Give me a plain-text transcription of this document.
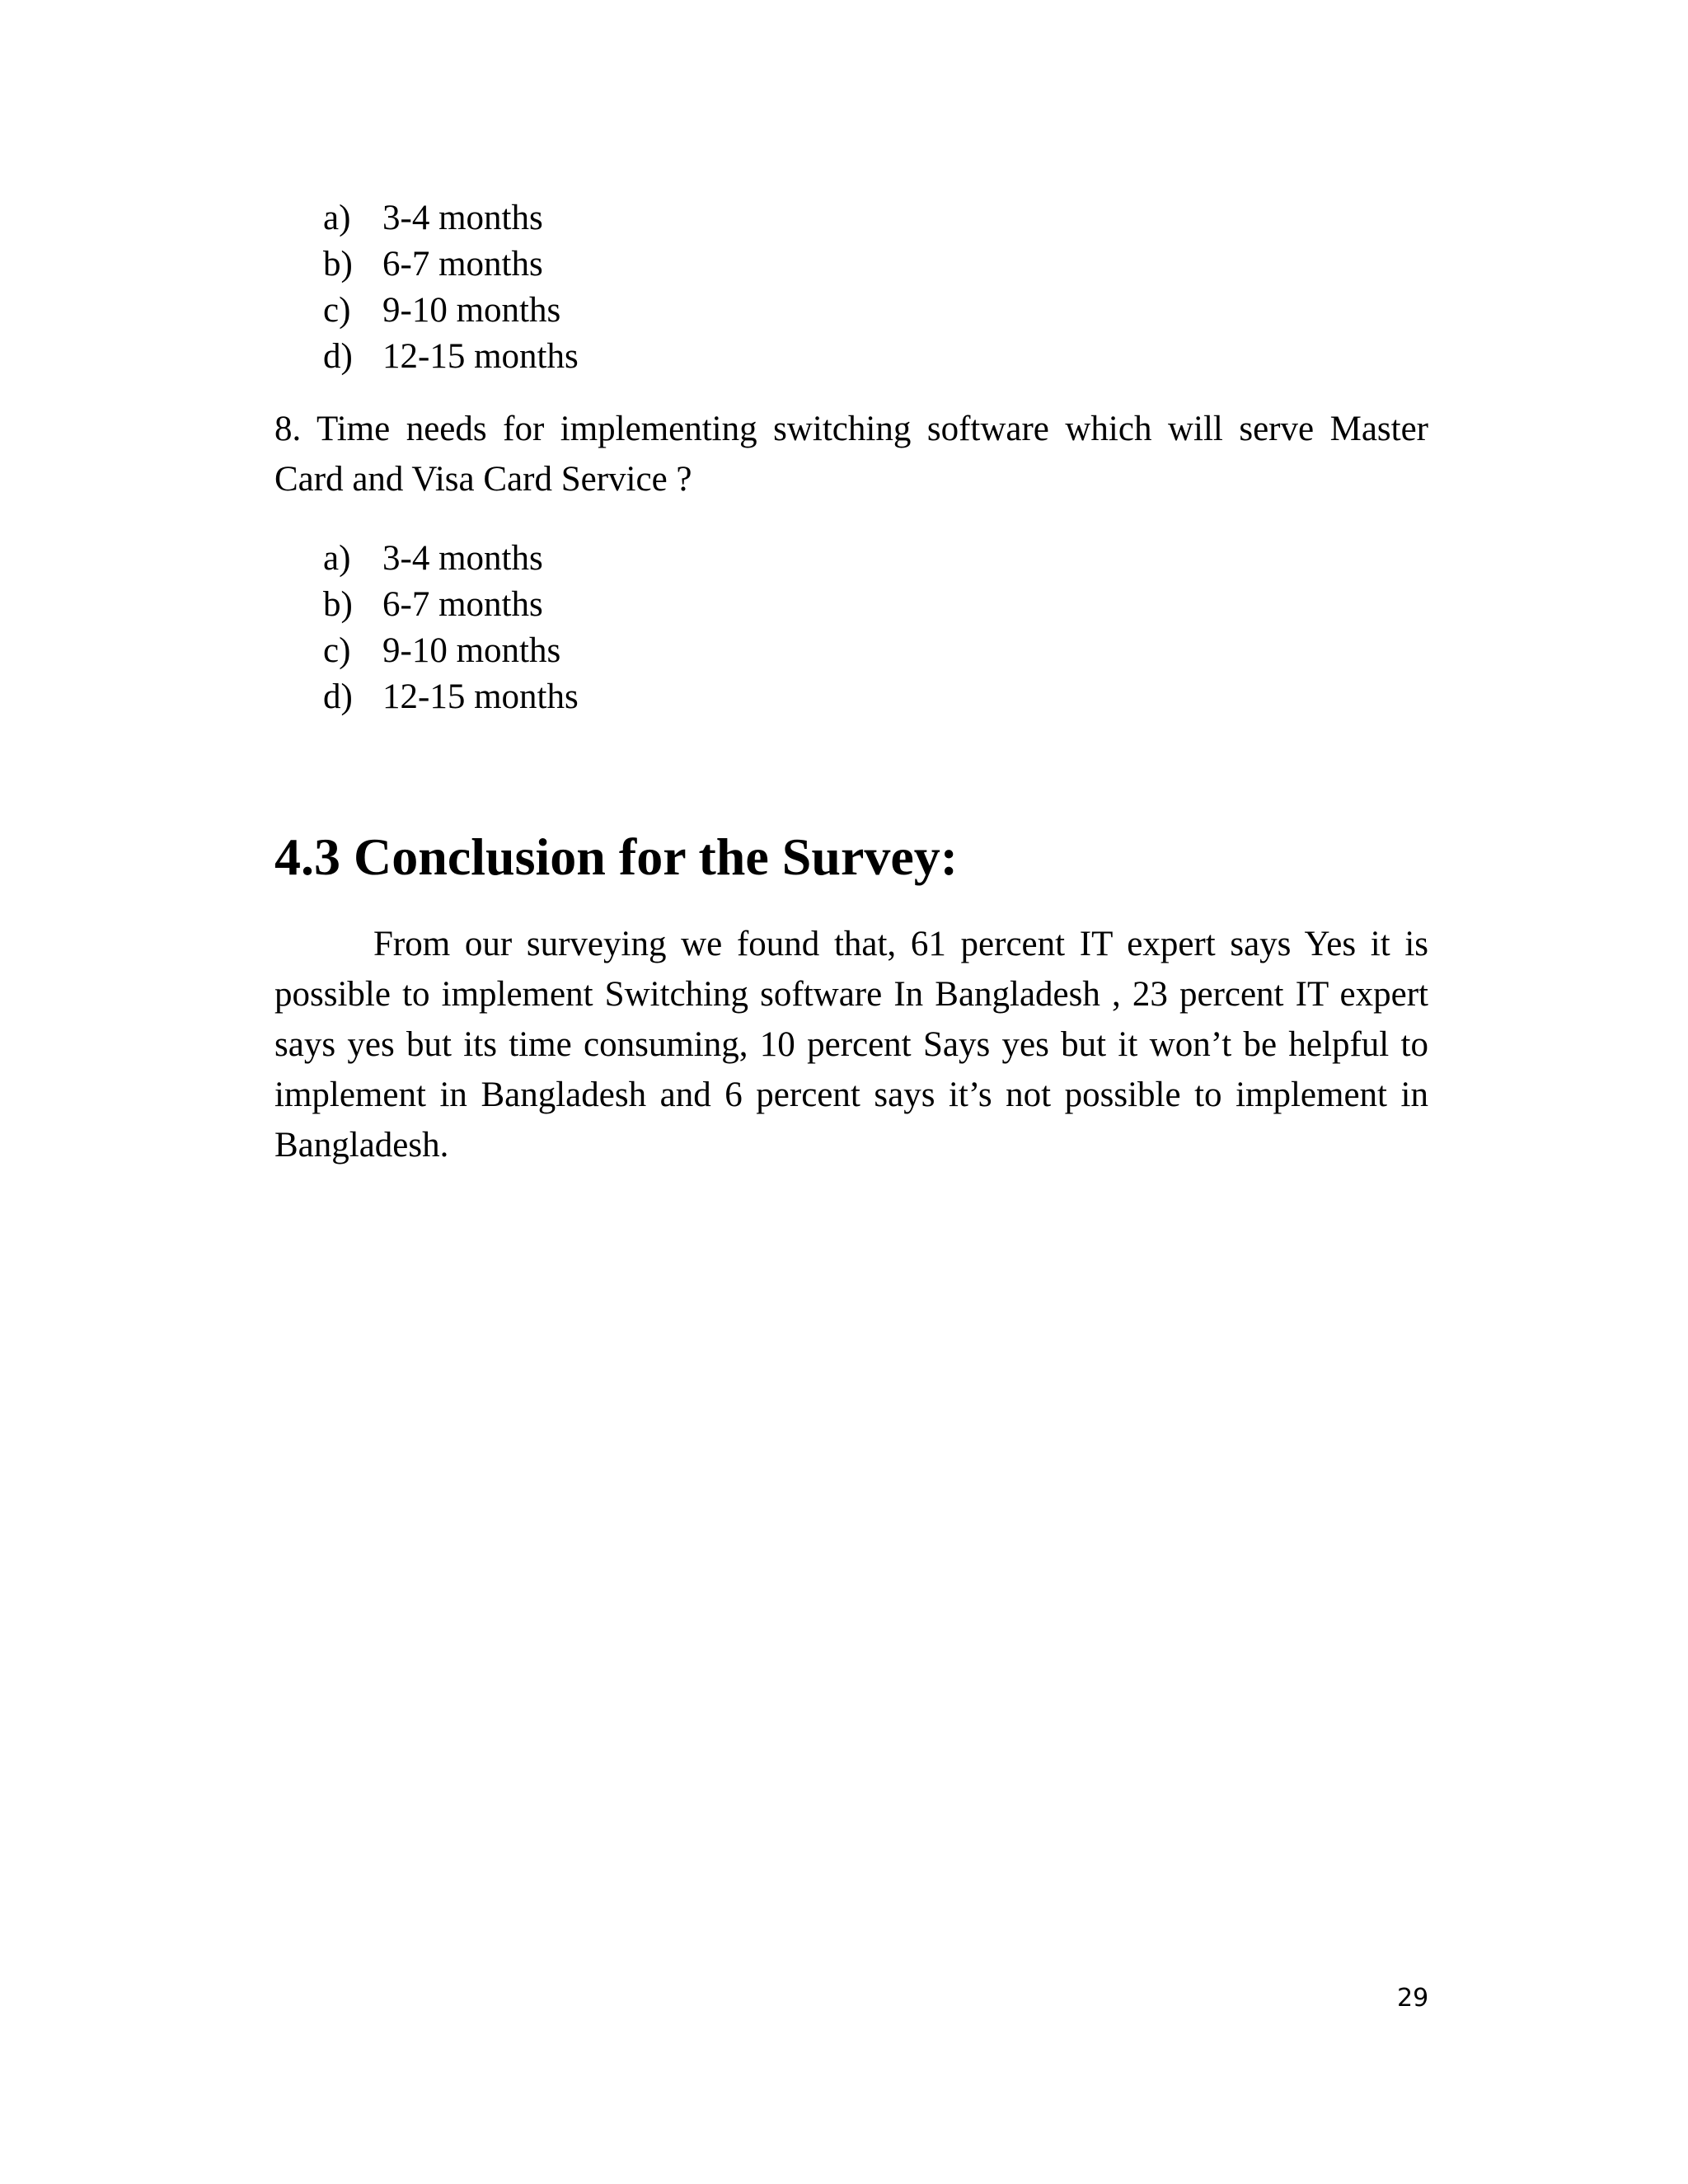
a) 3-4 months
b) 6-7 months
c) 9-10 months
d) 12-15 months

8. Time needs for implementing switching software which will serve Master Card and Visa Card Service ?

a) 3-4 months
b) 6-7 months
c) 9-10 months
d) 12-15 months
4.3 Conclusion for the Survey:

From our surveying we found that, 61 percent IT expert says Yes it is possible to implement Switching software In Bangladesh , 23 percent IT expert says yes but its time consuming, 10 percent Says yes but it won’t be helpful to implement in Bangladesh and 6 percent says it’s not possible to implement in Bangladesh.

29
